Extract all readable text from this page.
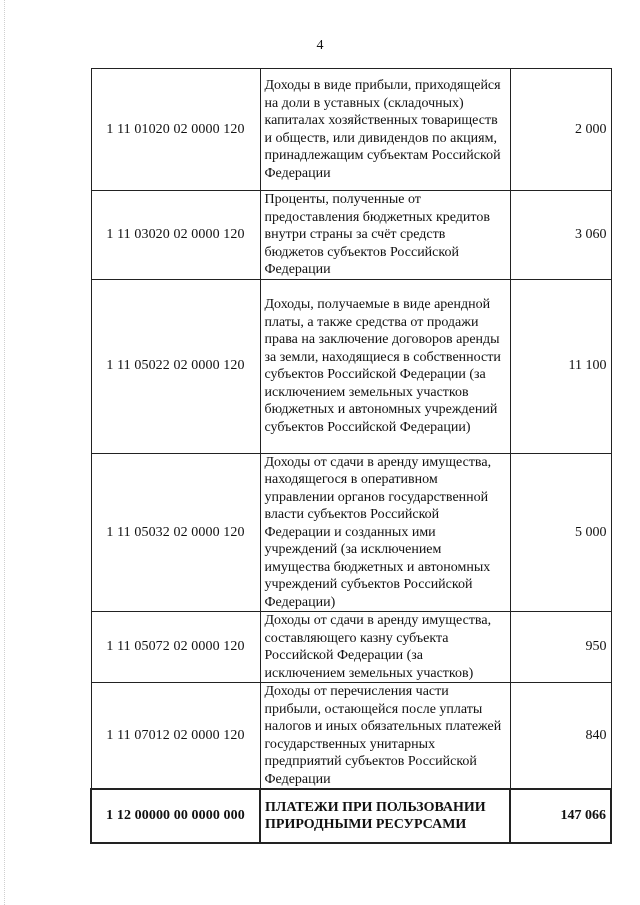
4
1 11 01020 02 0000 120	Доходы в виде прибыли, приходящейся на доли в уставных (складочных) капиталах хозяйственных товариществ и обществ, или дивидендов по акциям, принадлежащим субъектам Российской Федерации	2 000
1 11 03020 02 0000 120	Проценты, полученные от предоставления бюджетных кредитов внутри страны за счёт средств бюджетов субъектов Российской Федерации	3 060
1 11 05022 02 0000 120	Доходы, получаемые в виде арендной платы, а также средства от продажи права на заключение договоров аренды за земли, находящиеся в собственности субъектов Российской Федерации (за исключением земельных участков бюджетных и автономных учреждений субъектов Российской Федерации)	11 100
1 11 05032 02 0000 120	Доходы от сдачи в аренду имущества, находящегося в оперативном управлении органов государственной власти субъектов Российской Федерации и созданных ими учреждений (за исключением имущества бюджетных и автономных учреждений субъектов Российской Федерации)	5 000
1 11 05072 02 0000 120	Доходы от сдачи в аренду имущества, составляющего казну субъекта Российской Федерации (за исключением земельных участков)	950
1 11 07012 02 0000 120	Доходы от перечисления части прибыли, остающейся после уплаты налогов и иных обязательных платежей государственных унитарных предприятий субъектов Российской Федерации	840
1 12 00000 00 0000 000	ПЛАТЕЖИ ПРИ ПОЛЬЗОВАНИИ ПРИРОДНЫМИ РЕСУРСАМИ	147 066
